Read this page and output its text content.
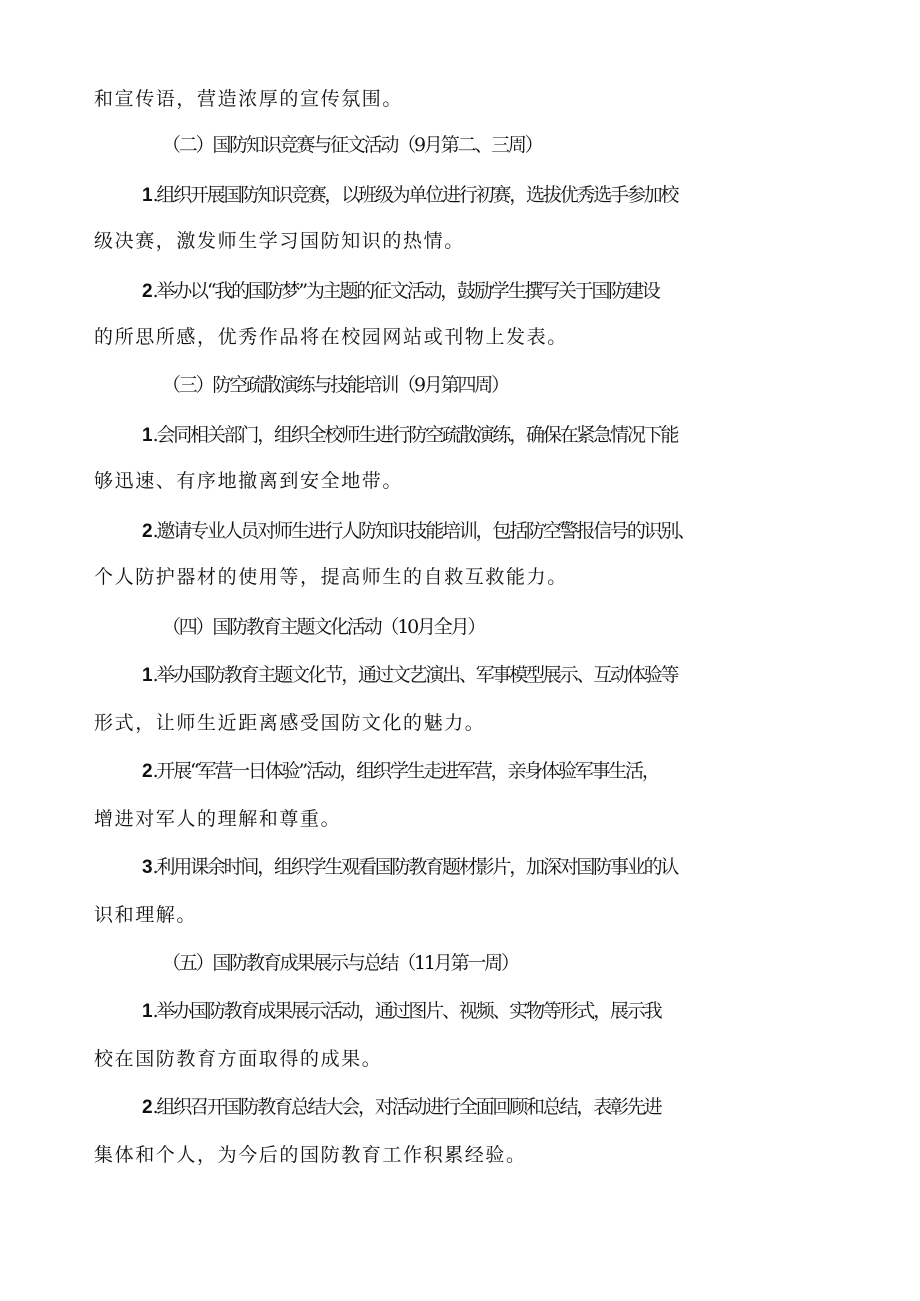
和宣传语，营造浓厚的宣传氛围。
（二）国防知识竞赛与征文活动（9月第二、三周）
1.组织开展国防知识竞赛，以班级为单位进行初赛，选拔优秀选手参加校
级决赛，激发师生学习国防知识的热情。
2.举办以“我的国防梦”为主题的征文活动，鼓励学生撰写关于国防建设
的所思所感，优秀作品将在校园网站或刊物上发表。
（三）防空疏散演练与技能培训（9月第四周）
1.会同相关部门，组织全校师生进行防空疏散演练，确保在紧急情况下能
够迅速、有序地撤离到安全地带。
2.邀请专业人员对师生进行人防知识技能培训，包括防空警报信号的识别、
个人防护器材的使用等，提高师生的自救互救能力。
（四）国防教育主题文化活动（10月全月）
1.举办国防教育主题文化节，通过文艺演出、军事模型展示、互动体验等
形式，让师生近距离感受国防文化的魅力。
2.开展“军营一日体验”活动，组织学生走进军营，亲身体验军事生活，
增进对军人的理解和尊重。
3.利用课余时间，组织学生观看国防教育题材影片，加深对国防事业的认
识和理解。
（五）国防教育成果展示与总结（11月第一周）
1.举办国防教育成果展示活动，通过图片、视频、实物等形式，展示我
校在国防教育方面取得的成果。
2.组织召开国防教育总结大会，对活动进行全面回顾和总结，表彰先进
集体和个人，为今后的国防教育工作积累经验。
